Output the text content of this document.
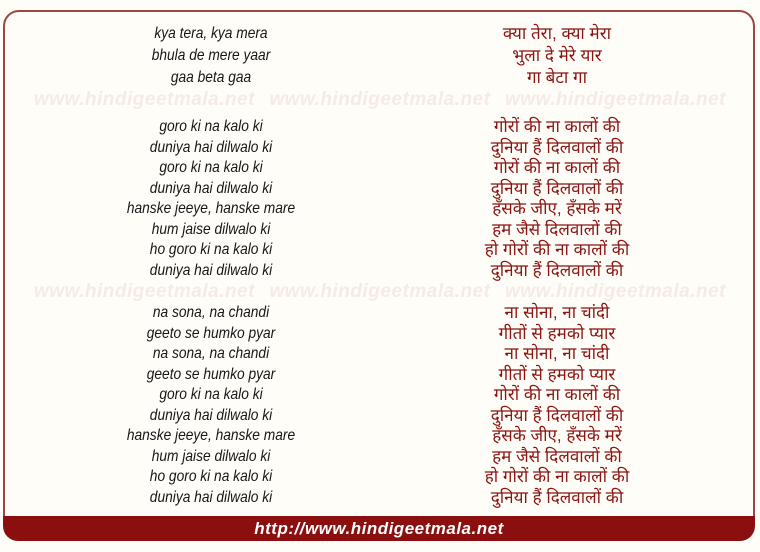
www.hindigeetmala.net www.hindigeetmala.net www.hindigeetmala.net
www.hindigeetmala.net www.hindigeetmala.net www.hindigeetmala.net
kya tera, kya mera
bhula de mere yaar
gaa beta gaa
goro ki na kalo ki
duniya hai dilwalo ki
goro ki na kalo ki
duniya hai dilwalo ki
hanske jeeye, hanske mare
hum jaise dilwalo ki
ho goro ki na kalo ki
duniya hai dilwalo ki
na sona, na chandi
geeto se humko pyar
na sona, na chandi
geeto se humko pyar
goro ki na kalo ki
duniya hai dilwalo ki
hanske jeeye, hanske mare
hum jaise dilwalo ki
ho goro ki na kalo ki
duniya hai dilwalo ki
क्या तेरा, क्या मेरा
भुला दे मेरे यार
गा बेटा गा
गोरों की ना कालों की
दुनिया हैं दिलवालों की
गोरों की ना कालों की
दुनिया हैं दिलवालों की
हँसके जीए, हँसके मरें
हम जैसे दिलवालों की
हो गोरों की ना कालों की
दुनिया हैं दिलवालों की
ना सोना, ना चांदी
गीतों से हमको प्यार
ना सोना, ना चांदी
गीतों से हमको प्यार
गोरों की ना कालों की
दुनिया हैं दिलवालों की
हँसके जीए, हँसके मरें
हम जैसे दिलवालों की
हो गोरों की ना कालों की
दुनिया हैं दिलवालों की
http://www.hindigeetmala.net
